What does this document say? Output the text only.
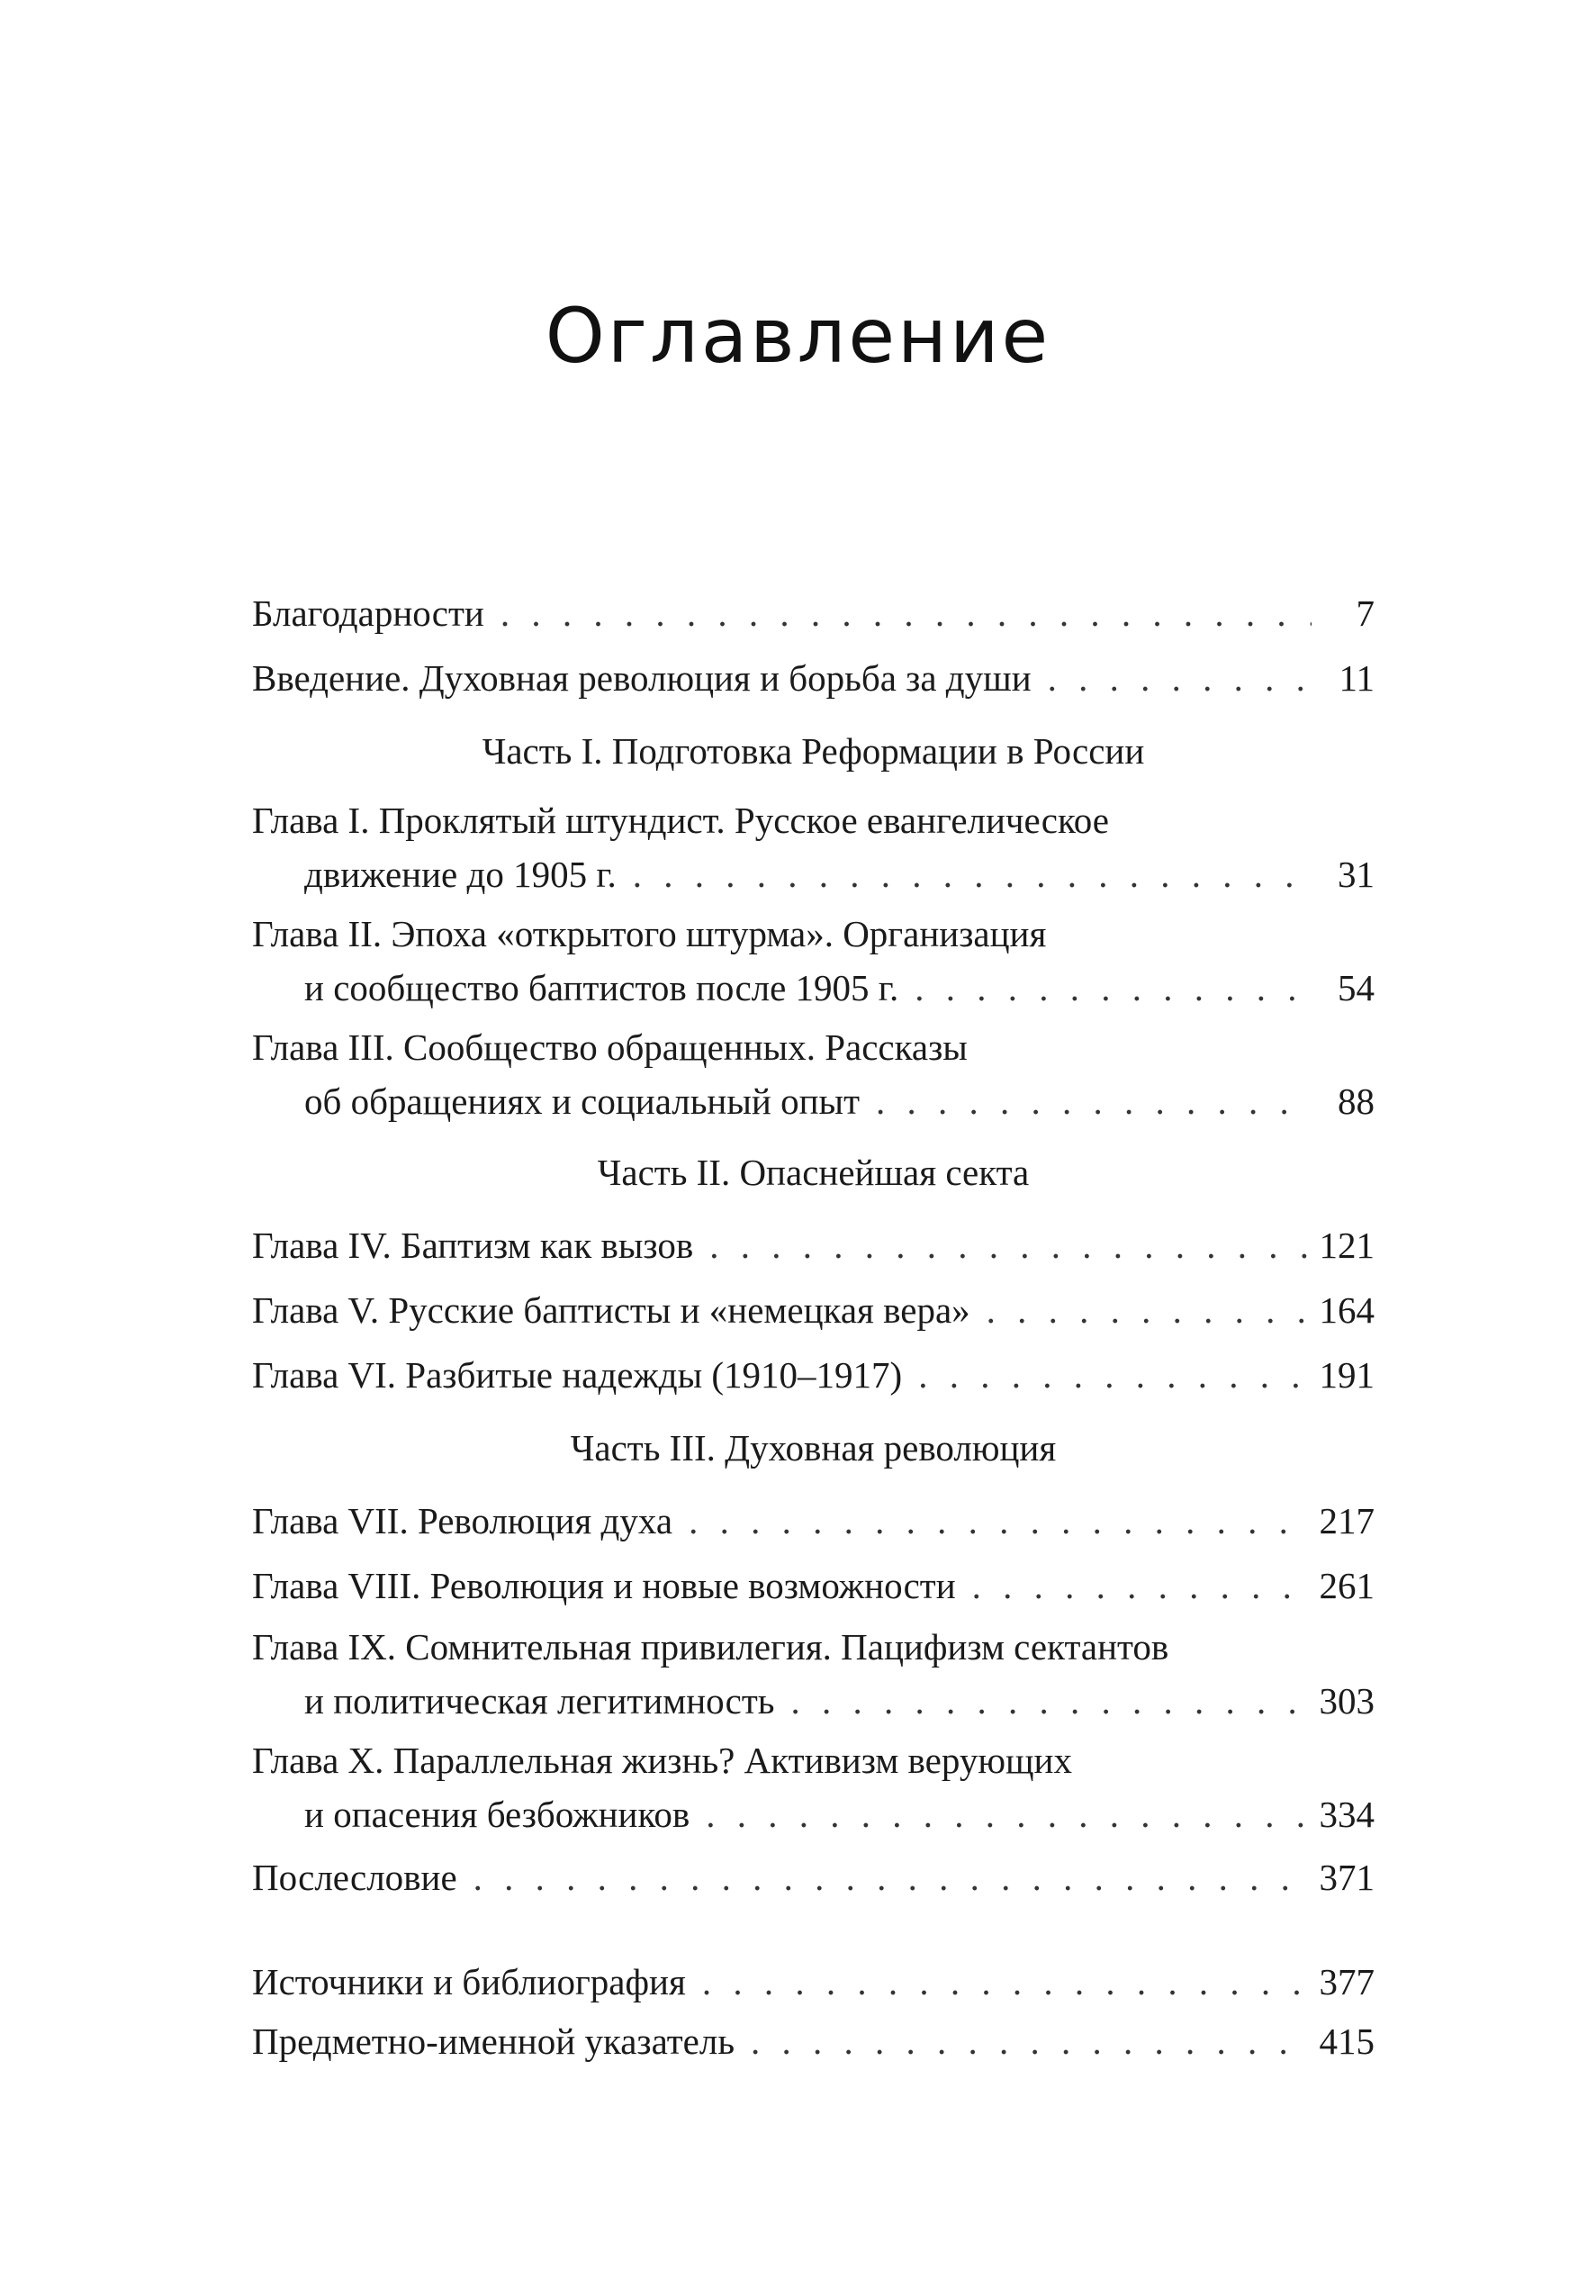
Оглавление
Благодарности . . .	7
Введение. Духовная революция и борьба за души . . .	11
Часть I. Подготовка Реформации в России
Глава I. Проклятый штундист. Русское евангелическое
движение до 1905 г. . . .	31
Глава II. Эпоха «открытого штурма». Организация
и сообщество баптистов после 1905 г. . . .	54
Глава III. Сообщество обращенных. Рассказы
об обращениях и социальный опыт . . .	88
Часть II. Опаснейшая секта
Глава IV. Баптизм как вызов . . .	121
Глава V. Русские баптисты и «немецкая вера» . . .	164
Глава VI. Разбитые надежды (1910–1917) . . .	191
Часть III. Духовная революция
Глава VII. Революция духа . . .	217
Глава VIII. Революция и новые возможности . . .	261
Глава IX. Сомнительная привилегия. Пацифизм сектантов
и политическая легитимность . . .	303
Глава X. Параллельная жизнь? Активизм верующих
и опасения безбожников . . .	334
Послесловие . . .	371
Источники и библиография . . .	377
Предметно-именной указатель . . .	415
